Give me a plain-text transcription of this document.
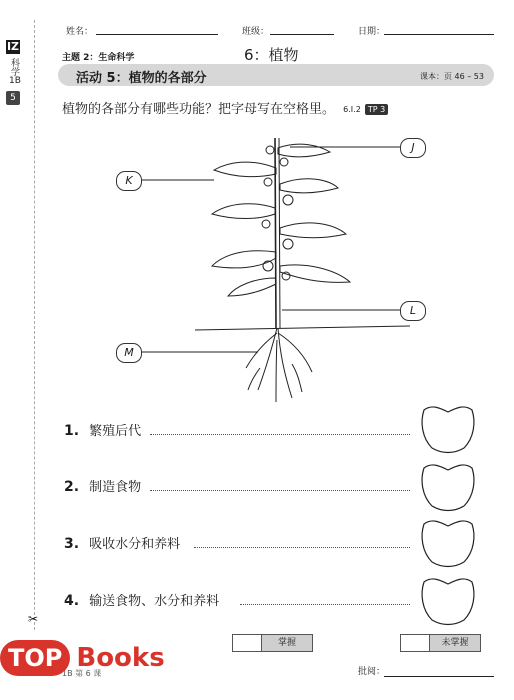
姓名：	班级：	日期：
IZ
科学
1B
5
✂
主题 2：生命科学	6：植物
活动 5：植物的各部分	课本：页 46 – 53
植物的各部分有哪些功能？把字母写在空格里。 6.I.2 TP 3
J
K
L
M
1. 繁殖后代
2. 制造食物
3. 吸收水分和养料
4. 输送食物、水分和养料
掌握	未掌握
1B 第 6 课	批阅：
TOP Books
